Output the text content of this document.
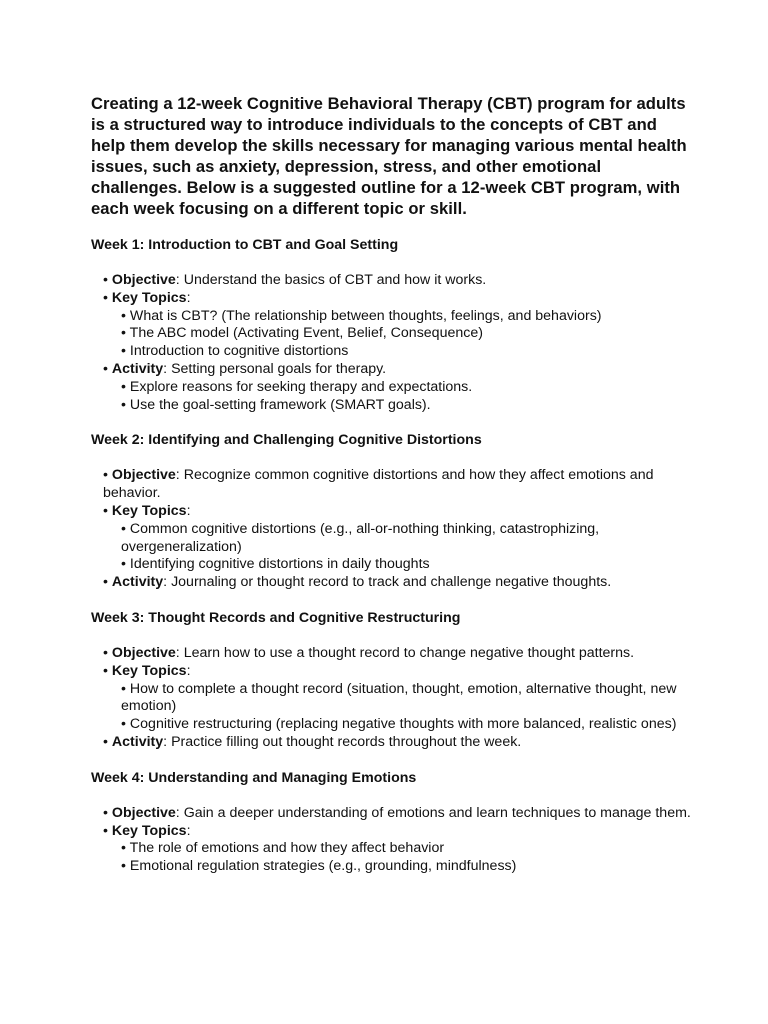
Creating a 12-week Cognitive Behavioral Therapy (CBT) program for adults is a structured way to introduce individuals to the concepts of CBT and help them develop the skills necessary for managing various mental health issues, such as anxiety, depression, stress, and other emotional challenges. Below is a suggested outline for a 12-week CBT program, with each week focusing on a different topic or skill.

Week 1: Introduction to CBT and Goal Setting
• Objective: Understand the basics of CBT and how it works.
• Key Topics:
• What is CBT? (The relationship between thoughts, feelings, and behaviors)
• The ABC model (Activating Event, Belief, Consequence)
• Introduction to cognitive distortions
• Activity: Setting personal goals for therapy.
• Explore reasons for seeking therapy and expectations.
• Use the goal-setting framework (SMART goals).
Week 2: Identifying and Challenging Cognitive Distortions
• Objective: Recognize common cognitive distortions and how they affect emotions and behavior.
• Key Topics:
• Common cognitive distortions (e.g., all-or-nothing thinking, catastrophizing, overgeneralization)
• Identifying cognitive distortions in daily thoughts
• Activity: Journaling or thought record to track and challenge negative thoughts.
Week 3: Thought Records and Cognitive Restructuring
• Objective: Learn how to use a thought record to change negative thought patterns.
• Key Topics:
• How to complete a thought record (situation, thought, emotion, alternative thought, new emotion)
• Cognitive restructuring (replacing negative thoughts with more balanced, realistic ones)
• Activity: Practice filling out thought records throughout the week.
Week 4: Understanding and Managing Emotions
• Objective: Gain a deeper understanding of emotions and learn techniques to manage them.
• Key Topics:
• The role of emotions and how they affect behavior
• Emotional regulation strategies (e.g., grounding, mindfulness)
